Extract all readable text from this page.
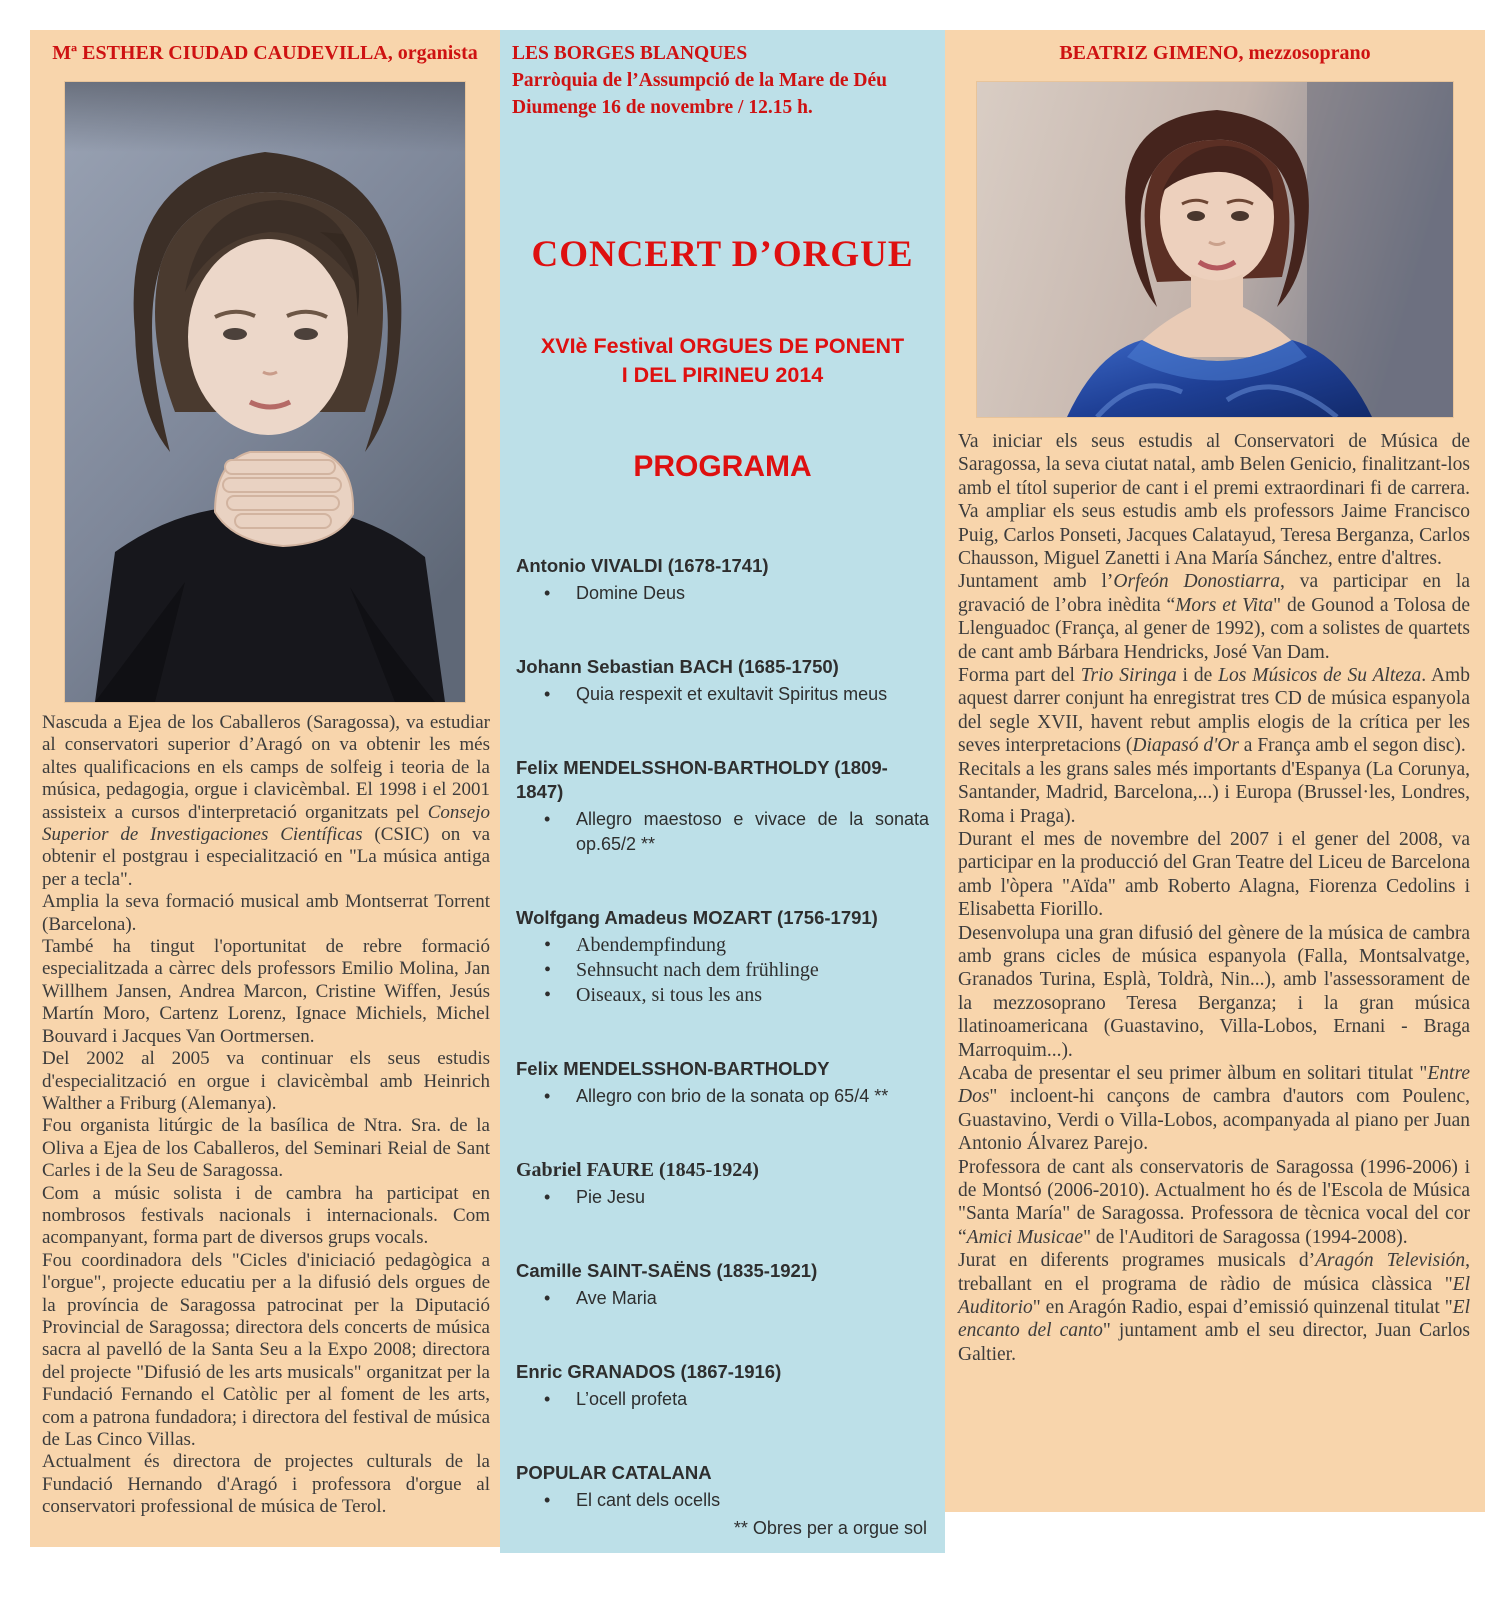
Mª ESTHER CIUDAD CAUDEVILLA, organista

Nascuda a Ejea de los Caballeros (Saragossa), va estudiar al conservatori superior d’Aragó on va obtenir les més altes qualificacions en els camps de solfeig i teoria de la música, pedagogia, orgue i clavicèmbal. El 1998 i el 2001 assisteix a cursos d'interpretació organitzats pel Consejo Superior de Investigaciones Científicas (CSIC) on va obtenir el postgrau i especialització en "La música antiga per a tecla".

Amplia la seva formació musical amb Montserrat Torrent (Barcelona).

També ha tingut l'oportunitat de rebre formació especialitzada a càrrec dels professors Emilio Molina, Jan Willhem Jansen, Andrea Marcon, Cristine Wiffen, Jesús Martín Moro, Cartenz Lorenz, Ignace Michiels, Michel Bouvard i Jacques Van Oortmersen.

Del 2002 al 2005 va continuar els seus estudis d'especialització en orgue i clavicèmbal amb Heinrich Walther a Friburg (Alemanya).

Fou organista litúrgic de la basílica de Ntra. Sra. de la Oliva a Ejea de los Caballeros, del Seminari Reial de Sant Carles i de la Seu de Saragossa.

Com a músic solista i de cambra ha participat en nombrosos festivals nacionals i internacionals. Com acompanyant, forma part de diversos grups vocals.

Fou coordinadora dels "Cicles d'iniciació pedagògica a l'orgue", projecte educatiu per a la difusió dels orgues de la província de Saragossa patrocinat per la Diputació Provincial de Saragossa; directora dels concerts de música sacra al pavelló de la Santa Seu a la Expo 2008; directora del projecte "Difusió de les arts musicals" organitzat per la Fundació Fernando el Catòlic per al foment de les arts, com a patrona fundadora; i directora del festival de música de Las Cinco Villas.

Actualment és directora de projectes culturals de la Fundació Hernando d'Aragó i professora d'orgue al conservatori professional de música de Terol.

LES BORGES BLANQUES
Parròquia de l’Assumpció de la Mare de Déu
Diumenge 16 de novembre / 12.15 h.
CONCERT D’ORGUE
XVIè Festival ORGUES DE PONENT
I DEL PIRINEU 2014
PROGRAMA
Antonio VIVALDI (1678-1741)
• Domine Deus
Johann Sebastian BACH (1685-1750)
• Quia respexit et exultavit Spiritus meus
Felix MENDELSSHON-BARTHOLDY (1809-1847)
• Allegro maestoso e vivace de la sonata op.65/2 **
Wolfgang Amadeus MOZART (1756-1791)
• Abendempfindung
• Sehnsucht nach dem frühlinge
• Oiseaux, si tous les ans
Felix MENDELSSHON-BARTHOLDY
• Allegro con brio de la sonata op 65/4 **
Gabriel FAURE (1845-1924)
• Pie Jesu
Camille SAINT-SAËNS (1835-1921)
• Ave Maria
Enric GRANADOS (1867-1916)
• L’ocell profeta
POPULAR CATALANA
• El cant dels ocells
** Obres per a orgue sol
BEATRIZ GIMENO, mezzosoprano

Va iniciar els seus estudis al Conservatori de Música de Saragossa, la seva ciutat natal, amb Belen Genicio, finalitzant-los amb el títol superior de cant i el premi extraordinari fi de carrera. Va ampliar els seus estudis amb els professors Jaime Francisco Puig, Carlos Ponseti, Jacques Calatayud, Teresa Berganza, Carlos Chausson, Miguel Zanetti i Ana María Sánchez, entre d'altres.

Juntament amb l’Orfeón Donostiarra, va participar en la gravació de l’obra inèdita “Mors et Vita" de Gounod a Tolosa de Llenguadoc (França, al gener de 1992), com a solistes de quartets de cant amb Bárbara Hendricks, José Van Dam.

Forma part del Trio Siringa i de Los Músicos de Su Alteza. Amb aquest darrer conjunt ha enregistrat tres CD de música espanyola del segle XVII, havent rebut amplis elogis de la crítica per les seves interpretacions (Diapasó d'Or a França amb el segon disc).

Recitals a les grans sales més importants d'Espanya (La Corunya, Santander, Madrid, Barcelona,...) i Europa (Brussel·les, Londres, Roma i Praga).

Durant el mes de novembre del 2007 i el gener del 2008, va participar en la producció del Gran Teatre del Liceu de Barcelona amb l'òpera "Aïda" amb Roberto Alagna, Fiorenza Cedolins i Elisabetta Fiorillo.

Desenvolupa una gran difusió del gènere de la música de cambra amb grans cicles de música espanyola (Falla, Montsalvatge, Granados Turina, Esplà, Toldrà, Nin...), amb l'assessorament de la mezzosoprano Teresa Berganza; i la gran música llatinoamericana (Guastavino, Villa-Lobos, Ernani - Braga Marroquim...).

Acaba de presentar el seu primer àlbum en solitari titulat "Entre Dos" incloent-hi cançons de cambra d'autors com Poulenc, Guastavino, Verdi o Villa-Lobos, acompanyada al piano per Juan Antonio Álvarez Parejo.

Professora de cant als conservatoris de Saragossa (1996-2006) i de Montsó (2006-2010). Actualment ho és de l'Escola de Música "Santa María" de Saragossa. Professora de tècnica vocal del cor “Amici Musicae" de l'Auditori de Saragossa (1994-2008).

Jurat en diferents programes musicals d’Aragón Televisión, treballant en el programa de ràdio de música clàssica "El Auditorio" en Aragón Radio, espai d’emissió quinzenal titulat "El encanto del canto" juntament amb el seu director, Juan Carlos Galtier.
